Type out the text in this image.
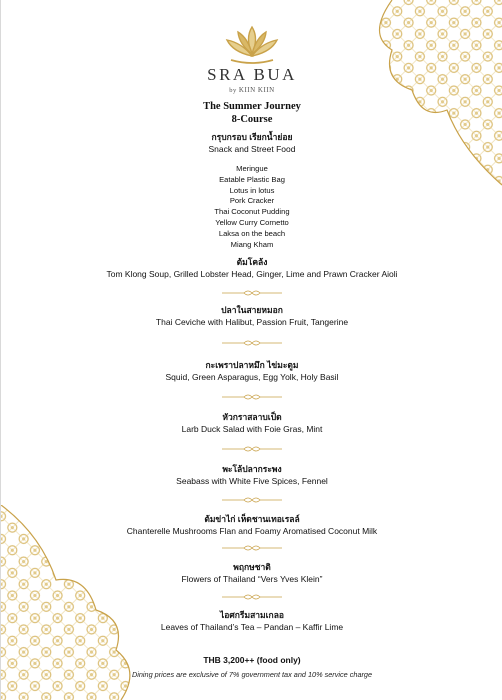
SRA BUA
by KIIN KIIN
The Summer Journey
8-Course
กรุบกรอบ เรียกน้ำย่อย
Snack and Street Food
Meringue
Eatable Plastic Bag
Lotus in lotus
Pork Cracker
Thai Coconut Pudding
Yellow Curry Cornetto
Laksa on the beach
Miang Kham
ต้มโคล้ง
Tom Klong Soup, Grilled Lobster Head, Ginger, Lime and Prawn Cracker Aioli
ปลาในสายหมอก
Thai Ceviche with Halibut, Passion Fruit, Tangerine
กะเพราปลาหมึก ไข่มะตูม
Squid, Green Asparagus, Egg Yolk, Holy Basil
หัวกราสลาบเป็ด
Larb Duck Salad with Foie Gras, Mint
พะโล้ปลากระพง
Seabass with White Five Spices, Fennel
ต้มข่าไก่ เห็ดชานเทอเรลล์
Chanterelle Mushrooms Flan and Foamy Aromatised Coconut Milk
พฤกษชาติ
Flowers of Thailand “Vers Yves Klein”
ไอศกรีมสามเกลอ
Leaves of Thailand’s Tea – Pandan – Kaffir Lime
THB 3,200++ (food only)
Dining prices are exclusive of 7% government tax and 10% service charge
